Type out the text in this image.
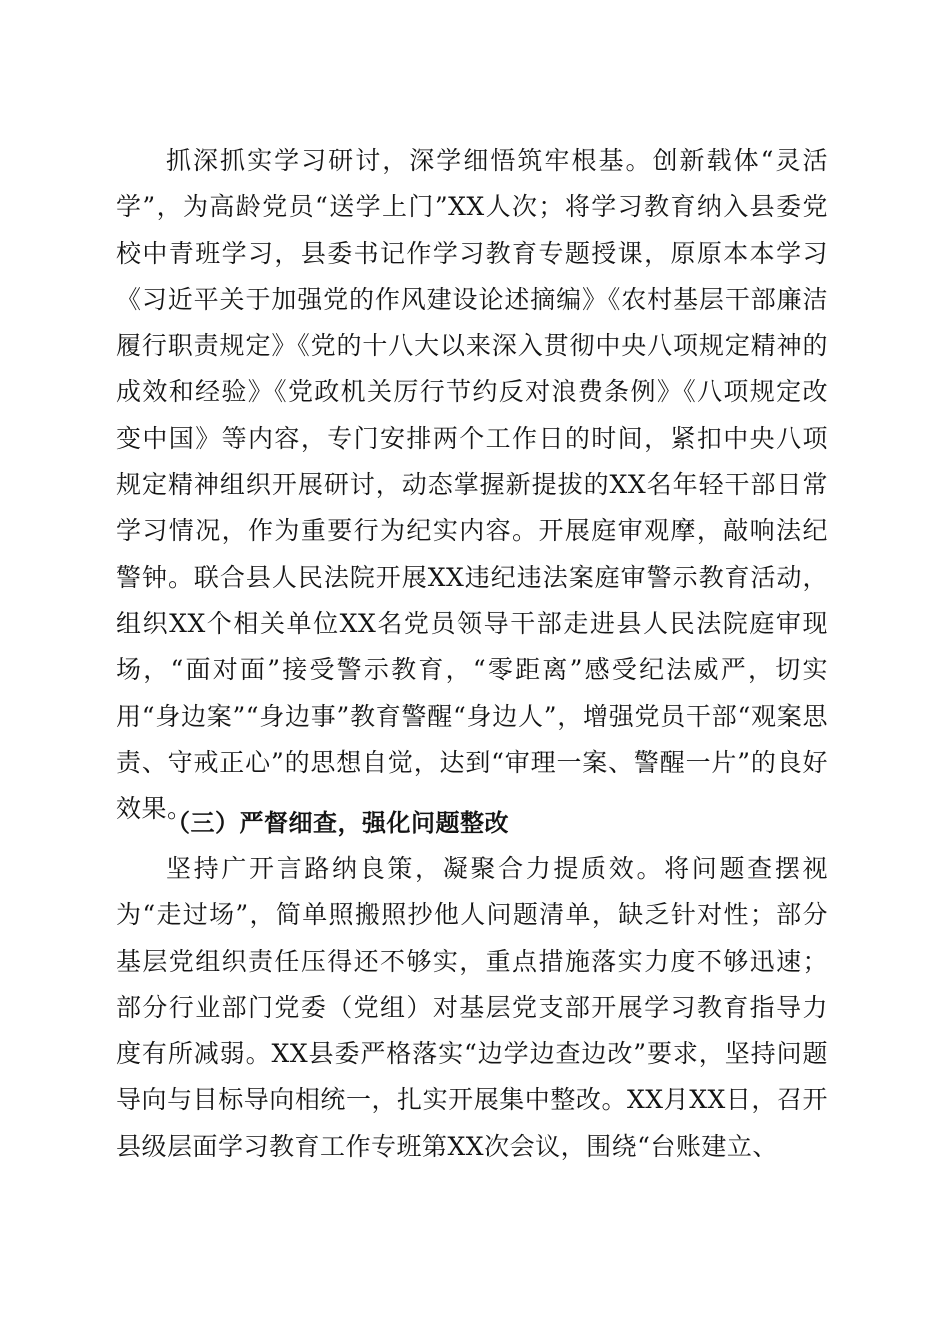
抓深抓实学习研讨，深学细悟筑牢根基。创新载体“灵活学”，为高龄党员“送学上门”XX人次；将学习教育纳入县委党校中青班学习，县委书记作学习教育专题授课，原原本本学习《习近平关于加强党的作风建设论述摘编》《农村基层干部廉洁履行职责规定》《党的十八大以来深入贯彻中央八项规定精神的成效和经验》《党政机关厉行节约反对浪费条例》《八项规定改变中国》等内容，专门安排两个工作日的时间，紧扣中央八项规定精神组织开展研讨，动态掌握新提拔的XX名年轻干部日常学习情况，作为重要行为纪实内容。开展庭审观摩，敲响法纪警钟。联合县人民法院开展XX违纪违法案庭审警示教育活动，组织XX个相关单位XX名党员领导干部走进县人民法院庭审现场，“面对面”接受警示教育，“零距离”感受纪法威严，切实用“身边案”“身边事”教育警醒“身边人”，增强党员干部“观案思责、守戒正心”的思想自觉，达到“审理一案、警醒一片”的良好效果。

（三）严督细查，强化问题整改

坚持广开言路纳良策，凝聚合力提质效。将问题查摆视为“走过场”，简单照搬照抄他人问题清单，缺乏针对性；部分基层党组织责任压得还不够实，重点措施落实力度不够迅速；部分行业部门党委（党组）对基层党支部开展学习教育指导力度有所减弱。XX县委严格落实“边学边查边改”要求，坚持问题导向与目标导向相统一，扎实开展集中整改。XX月XX日，召开县级层面学习教育工作专班第XX次会议，围绕“台账建立、
